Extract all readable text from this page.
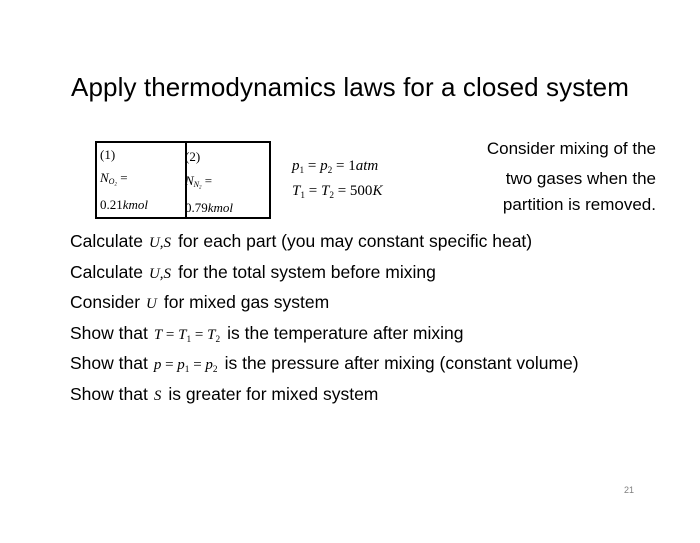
Apply thermodynamics laws for a closed system
(1)
$N_{O_2}$ =
0.21kmol
(2)
$N_{N_2}$ =
0.79kmol
$p_1 = p_2 = 1atm$
$T_1 = T_2 = 500K$
Consider mixing of the
two gases when the
partition is removed.
Calculate U,S for each part (you may constant specific heat)
Calculate U,S for the total system before mixing
Consider U for mixed gas system
Show that $T = T_1 = T_2$ is the temperature after mixing
Show that $p = p_1 = p_2$ is the pressure after mixing (constant volume)
Show that S is greater for mixed system
21
